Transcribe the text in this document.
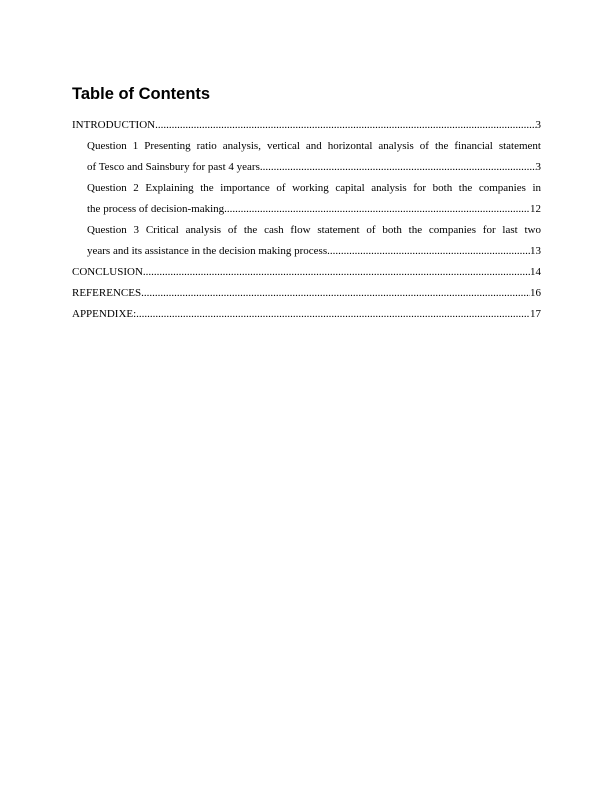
Table of Contents
INTRODUCTION .....	3
Question 1 Presenting ratio analysis, vertical and horizontal analysis of the financial statement
of Tesco and Sainsbury for past 4 years .....	3
Question 2 Explaining the importance of working capital analysis for both the companies in
the process of decision-making .....	12
Question 3 Critical analysis of the cash flow statement of both the companies for last two
years and its assistance in the decision making process .....	13
CONCLUSION .....	14
REFERENCES .....	16
APPENDIXE: .....	17
